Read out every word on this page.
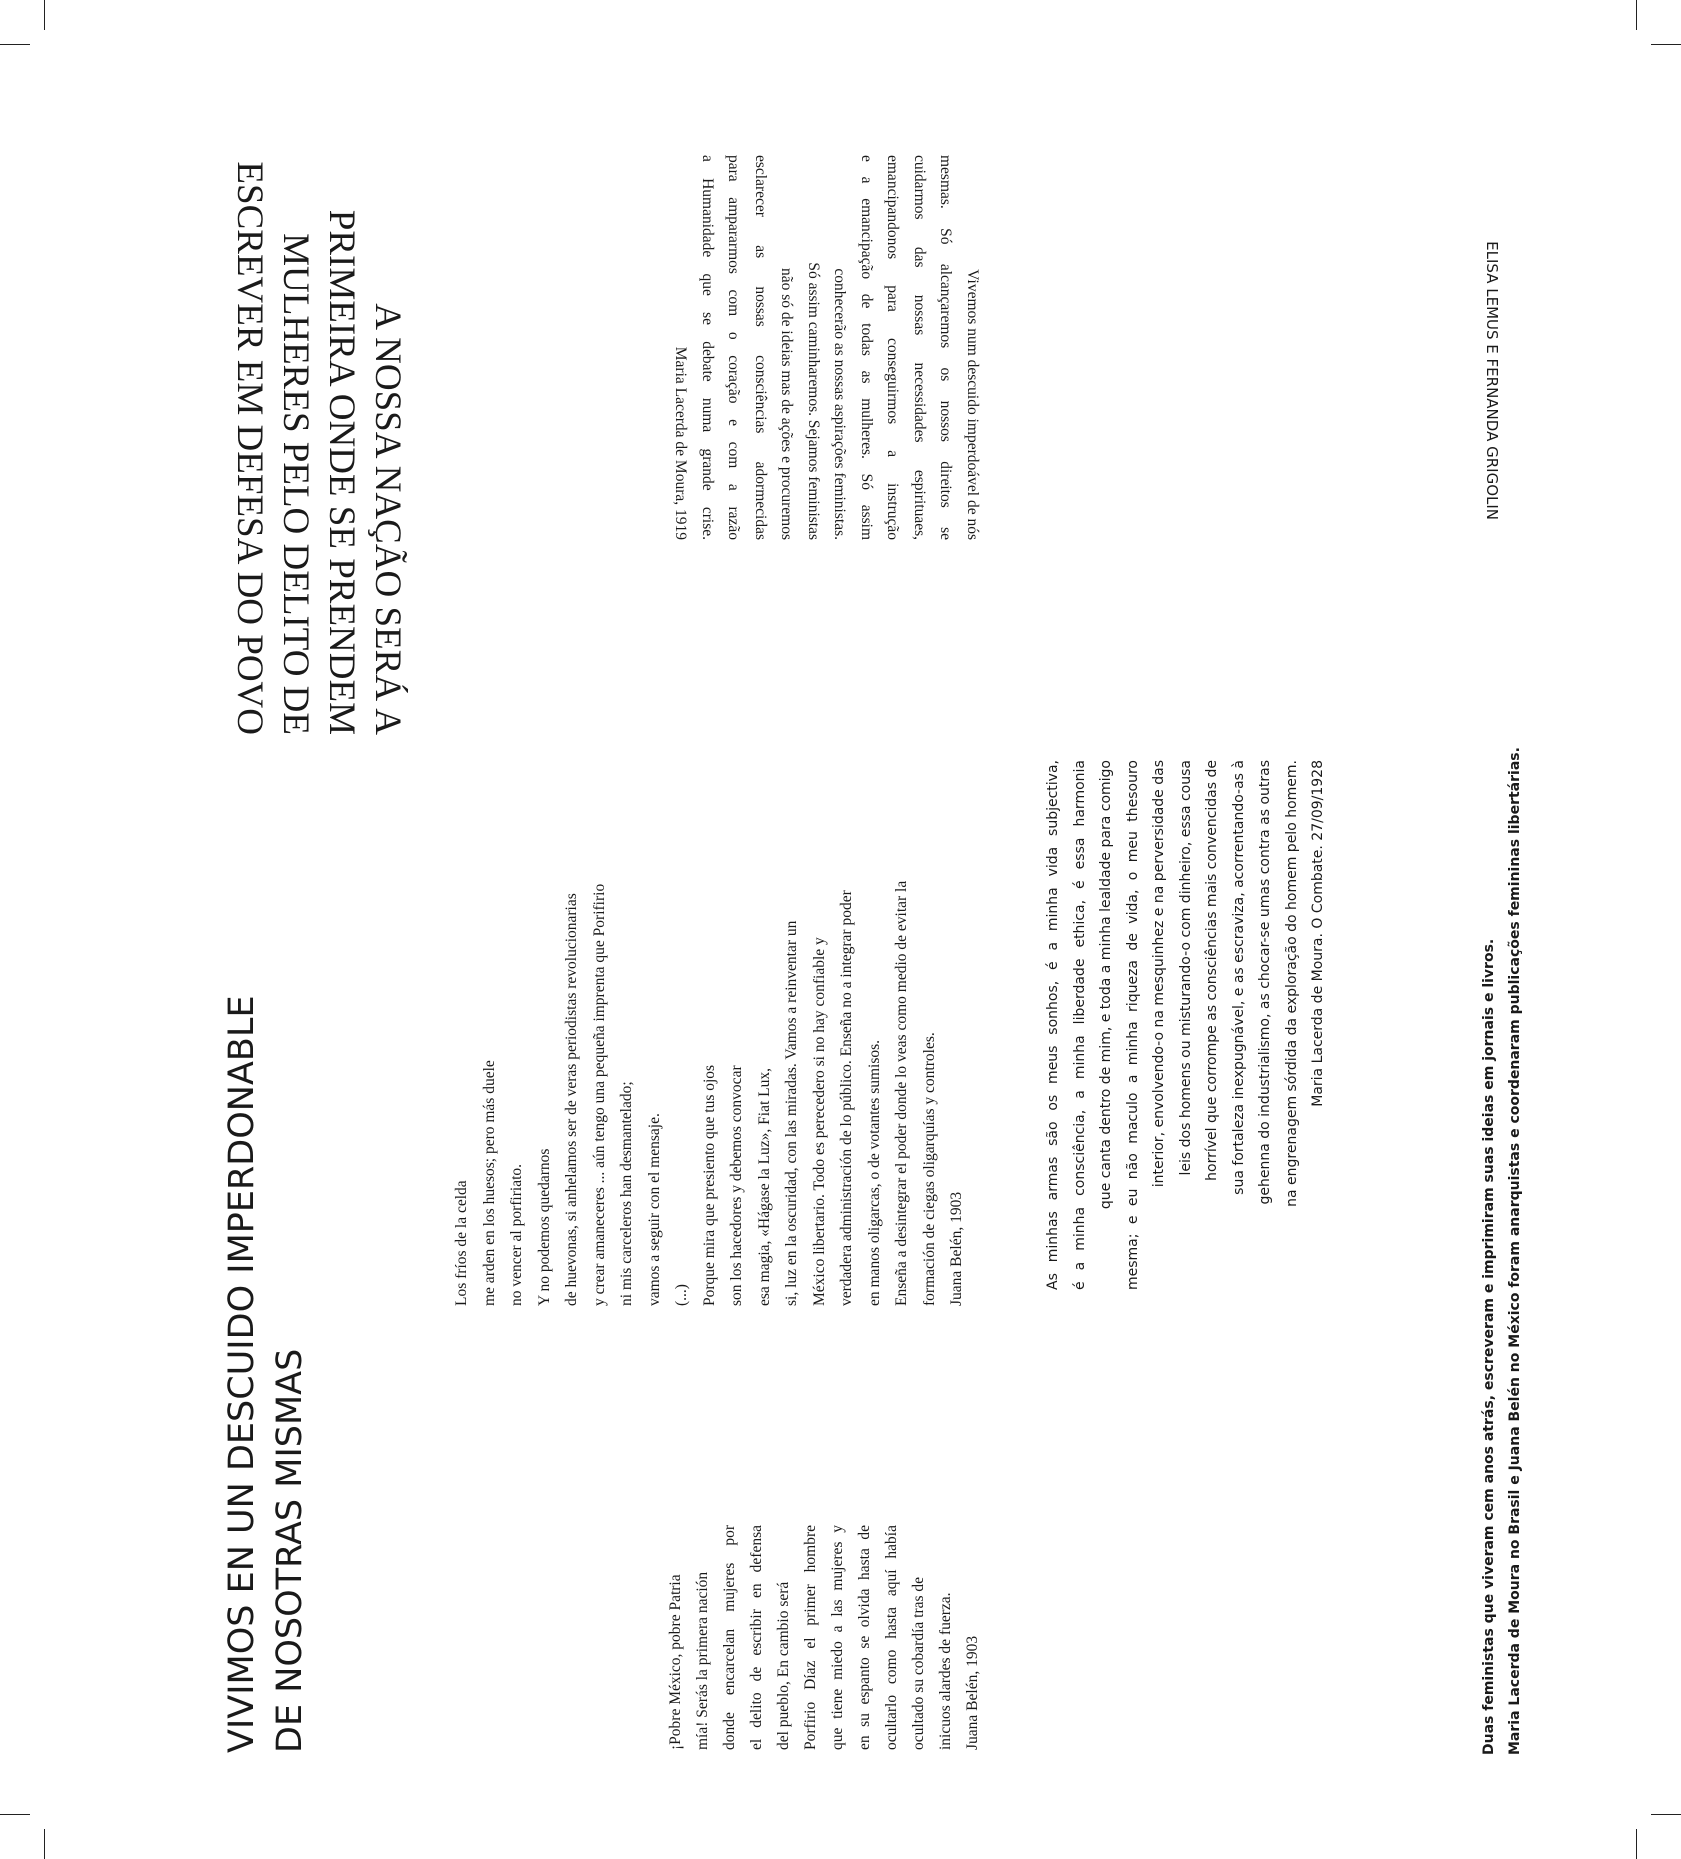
A NOSSA NAÇÃO SERÁ A
PRIMEIRA ONDE SE PRENDEM
MULHERES PELO DELITO DE
ESCREVER EM DEFESA DO POVO	Vivemos num descuido imperdoável de nós
mesmas. Só alcançaremos os nossos direitos se
cuidarmos das nossas necessidades espirituaes,
emancipandonos para conseguirmos a instrução
e a emancipação de todas as mulheres. Só assim
conhecerão as nossas aspirações feministas.
Só assim caminharemos. Sejamos feministas
não só de ideias mas de ações e procuremos
esclarecer as nossas consciências adormecidas
para ampararmos com o coração e com a razão
a Humanidade que se debate numa grande crise.
Maria Lacerda de Moura, 1919	ELISA LEMUS E FERNANDA GRIGOLIN
VIVIMOS EN UN DESCUIDO IMPERDONABLE DE NOSOTRAS MISMAS
Los fríos de la celda me arden en los huesos; pero más duele no vencer al porfiriato. Y no podemos quedarnos de huevonas, si anhelamos ser de veras periodistas revolucionarias y crear amaneceres ... aún tengo una pequeña imprenta que Porifirio ni mis carceleros han desmantelado; vamos a seguir con el mensaje. (...) Porque mira que presiento que tus ojos son los hacedores y debemos convocar esa magia, «Hágase la Luz», Fiat Lux, si, luz en la oscuridad, con las miradas. Vamos a reinventar un México libertario. Todo es perecedero si no hay confiable y verdadera administración de lo público. Enseña no a integrar poder en manos oligarcas, o de votantes sumisos. Enseña a desintegrar el poder donde lo veas como medio de evitar la formación de ciegas oligarquías y controles. Juana Belén, 1903
¡Pobre México, pobre Patria mía! Serás la primera nación donde encarcelan mujeres por el delito de escribir en defensa del pueblo, En cambio será Porfirio Díaz el primer hombre que tiene miedo a las mujeres y en su espanto se olvida hasta de ocultarlo como hasta aquí había ocultado su cobardía tras de inicuos alardes de fuerza. Juana Belén, 1903
As minhas armas são os meus sonhos, é a minha vida subjectiva, é a minha consciência, a minha liberdade ethica, é essa harmonia que canta dentro de mim, e toda a minha lealdade para comigo mesma; e eu não maculo a minha riqueza de vida, o meu thesouro interior, envolvendo-o na mesquinhez e na perversidade das leis dos homens ou misturando-o com dinheiro, essa cousa horrível que corrompe as consciências mais convencidas de sua fortaleza inexpugnável, e as escraviza, acorrentando-as à gehenna do industrialismo, as chocar-se umas contra as outras na engrenagem sórdida da exploração do homem pelo homem. Maria Lacerda de Moura. O Combate. 27/09/1928
Duas feministas que viveram cem anos atrás, escreveram e imprimiram suas ideias em jornais e livros. Maria Lacerda de Moura no Brasil e Juana Belén no México foram anarquistas e coordenaram publicações femininas libertárias.
